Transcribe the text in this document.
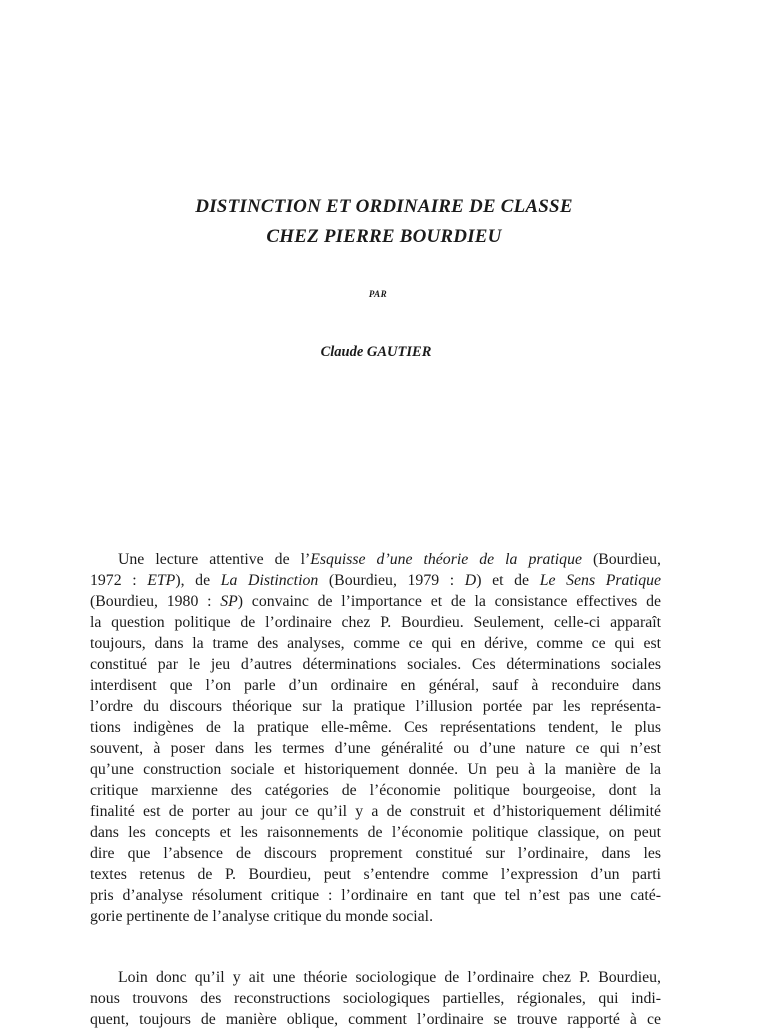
DISTINCTION ET ORDINAIRE DE CLASSE
CHEZ PIERRE BOURDIEU
PAR
Claude GAUTIER
Une lecture attentive de l’Esquisse d’une théorie de la pratique (Bourdieu,
1972 : ETP), de La Distinction (Bourdieu, 1979 : D) et de Le Sens Pratique
(Bourdieu, 1980 : SP) convainc de l’importance et de la consistance effectives de
la question politique de l’ordinaire chez P. Bourdieu. Seulement, celle-ci apparaît
toujours, dans la trame des analyses, comme ce qui en dérive, comme ce qui est
constitué par le jeu d’autres déterminations sociales. Ces déterminations sociales
interdisent que l’on parle d’un ordinaire en général, sauf à reconduire dans
l’ordre du discours théorique sur la pratique l’illusion portée par les représenta-
tions indigènes de la pratique elle-même. Ces représentations tendent, le plus
souvent, à poser dans les termes d’une généralité ou d’une nature ce qui n’est
qu’une construction sociale et historiquement donnée. Un peu à la manière de la
critique marxienne des catégories de l’économie politique bourgeoise, dont la
finalité est de porter au jour ce qu’il y a de construit et d’historiquement délimité
dans les concepts et les raisonnements de l’économie politique classique, on peut
dire que l’absence de discours proprement constitué sur l’ordinaire, dans les
textes retenus de P. Bourdieu, peut s’entendre comme l’expression d’un parti
pris d’analyse résolument critique : l’ordinaire en tant que tel n’est pas une caté-
gorie pertinente de l’analyse critique du monde social.
Loin donc qu’il y ait une théorie sociologique de l’ordinaire chez P. Bourdieu,
nous trouvons des reconstructions sociologiques partielles, régionales, qui indi-
quent, toujours de manière oblique, comment l’ordinaire se trouve rapporté à ce
